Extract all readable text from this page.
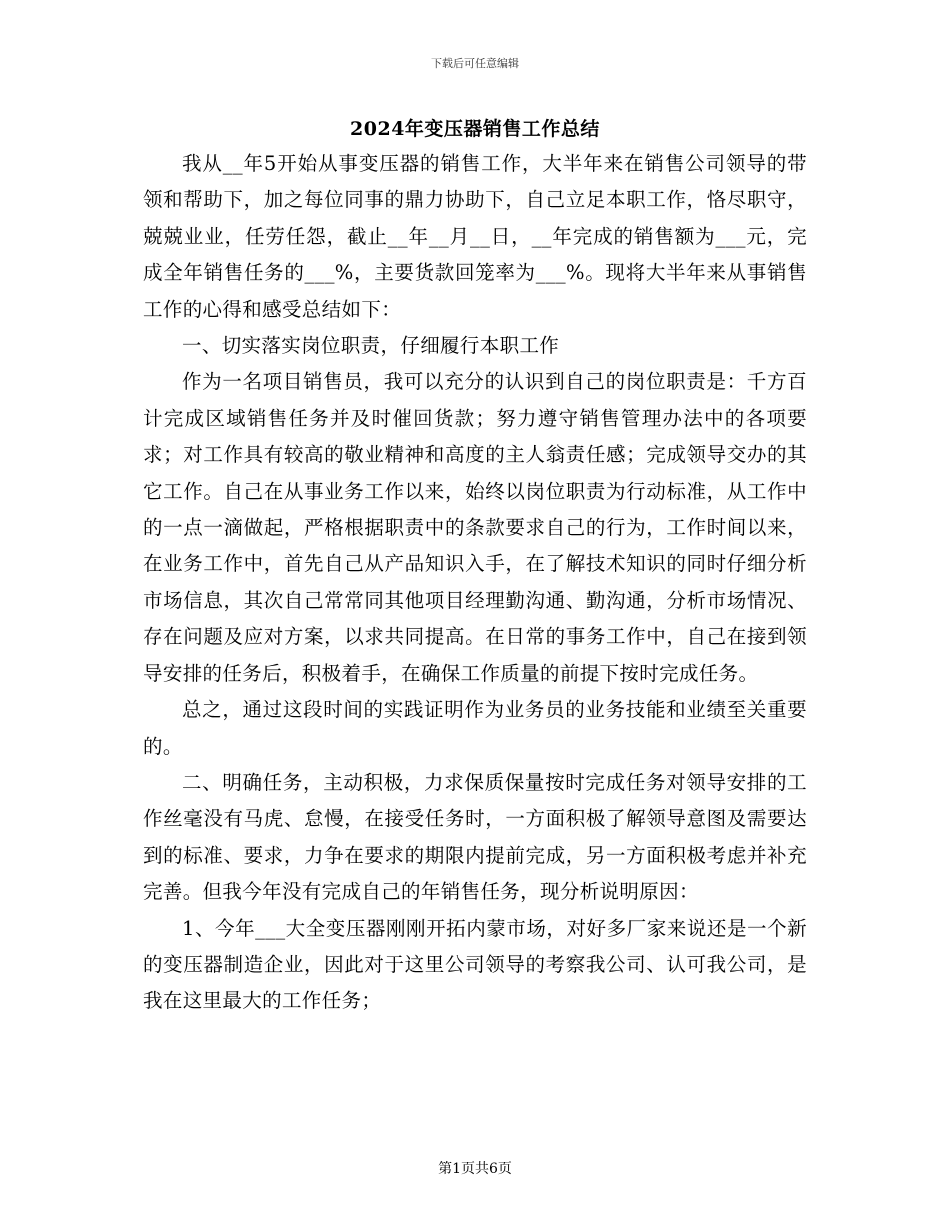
下载后可任意编辑
2024年变压器销售工作总结

我从__年5开始从事变压器的销售工作，大半年来在销售公司领导的带领和帮助下，加之每位同事的鼎力协助下，自己立足本职工作，恪尽职守，兢兢业业，任劳任怨，截止__年__月__日，__年完成的销售额为___元，完成全年销售任务的___%，主要货款回笼率为___%。现将大半年来从事销售工作的心得和感受总结如下：

一、切实落实岗位职责，仔细履行本职工作

作为一名项目销售员，我可以充分的认识到自己的岗位职责是：千方百计完成区域销售任务并及时催回货款；努力遵守销售管理办法中的各项要求；对工作具有较高的敬业精神和高度的主人翁责任感；完成领导交办的其它工作。自己在从事业务工作以来，始终以岗位职责为行动标准，从工作中的一点一滴做起，严格根据职责中的条款要求自己的行为，工作时间以来，在业务工作中，首先自己从产品知识入手，在了解技术知识的同时仔细分析市场信息，其次自己常常同其他项目经理勤沟通、勤沟通，分析市场情况、存在问题及应对方案，以求共同提高。在日常的事务工作中，自己在接到领导安排的任务后，积极着手，在确保工作质量的前提下按时完成任务。

总之，通过这段时间的实践证明作为业务员的业务技能和业绩至关重要的。

二、明确任务，主动积极，力求保质保量按时完成任务对领导安排的工作丝毫没有马虎、怠慢，在接受任务时，一方面积极了解领导意图及需要达到的标准、要求，力争在要求的期限内提前完成，另一方面积极考虑并补充完善。但我今年没有完成自己的年销售任务，现分析说明原因：

1、今年___大全变压器刚刚开拓内蒙市场，对好多厂家来说还是一个新的变压器制造企业，因此对于这里公司领导的考察我公司、认可我公司，是我在这里最大的工作任务；

第1页共6页
